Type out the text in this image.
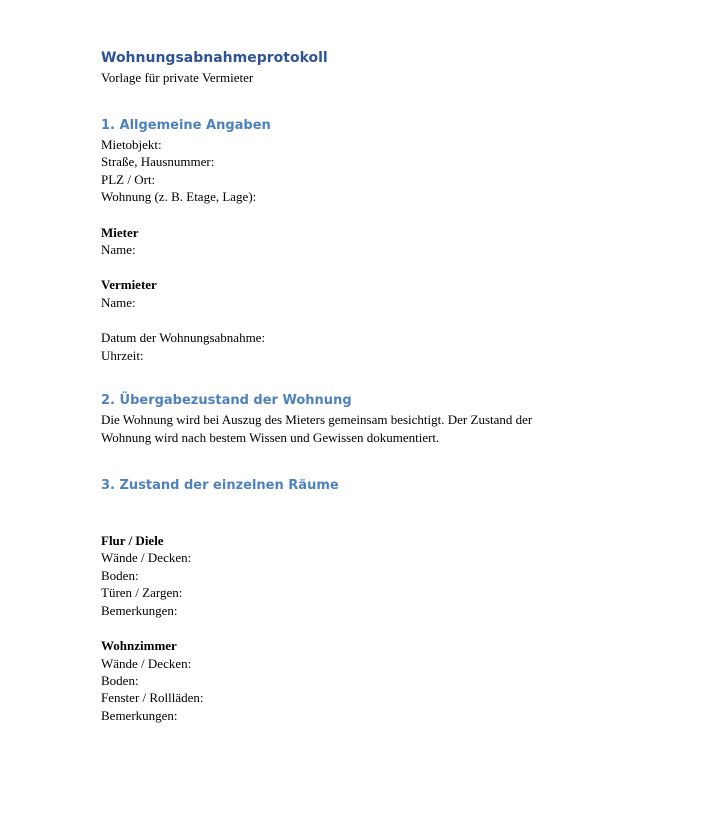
Wohnungsabnahmeprotokoll
Vorlage für private Vermieter
1. Allgemeine Angaben
Mietobjekt:
Straße, Hausnummer:
PLZ / Ort:
Wohnung (z. B. Etage, Lage):
Mieter
Name:
Vermieter
Name:
Datum der Wohnungsabnahme:
Uhrzeit:
2. Übergabezustand der Wohnung
Die Wohnung wird bei Auszug des Mieters gemeinsam besichtigt. Der Zustand der
Wohnung wird nach bestem Wissen und Gewissen dokumentiert.
3. Zustand der einzelnen Räume
Flur / Diele
Wände / Decken:
Boden:
Türen / Zargen:
Bemerkungen:
Wohnzimmer
Wände / Decken:
Boden:
Fenster / Rollläden:
Bemerkungen:
